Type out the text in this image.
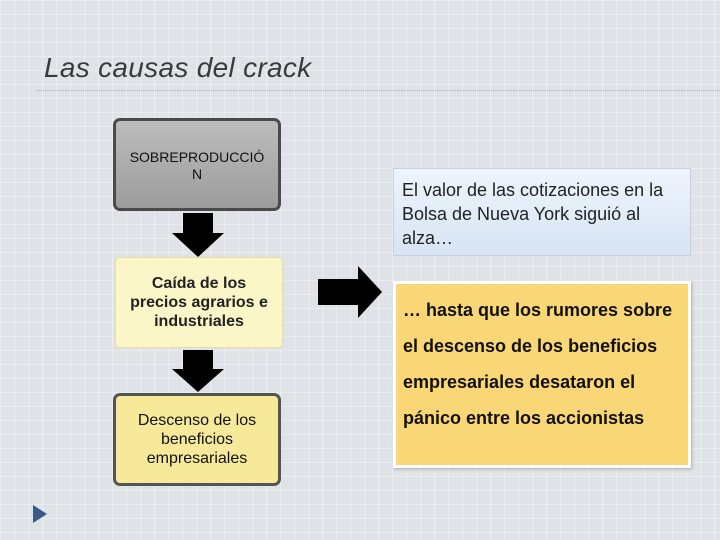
Las causas del crack
SOBREPRODUCCIÓN
Caída de los precios agrarios e industriales
Descenso de los beneficios empresariales
El valor de las cotizaciones en la Bolsa de Nueva York siguió al alza…
… hasta que los rumores sobre el descenso de los beneficios empresariales desataron el pánico entre los accionistas
